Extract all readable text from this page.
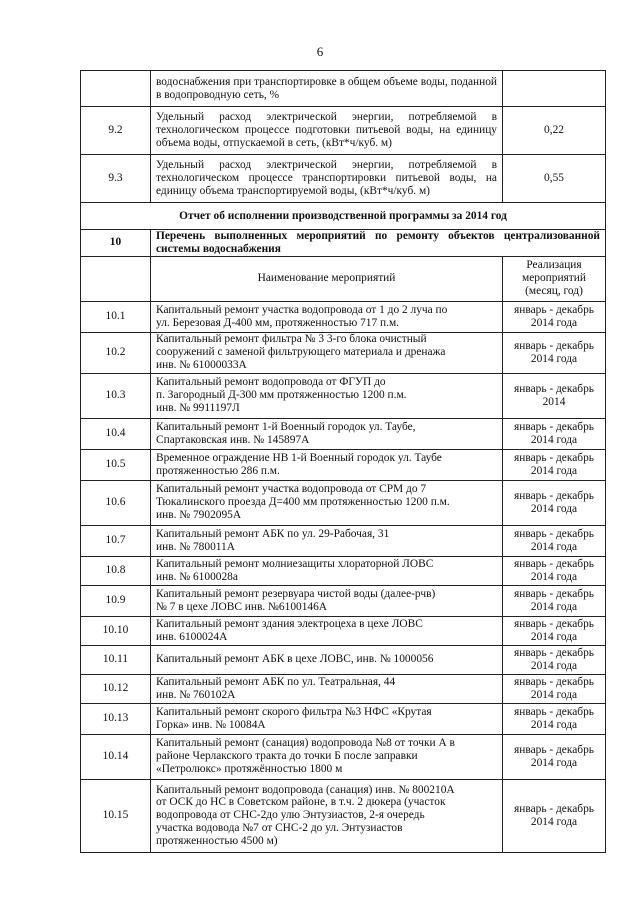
6
	водоснабжения при транспортировке в общем объеме воды, поданной в водопроводную сеть, %	
9.2	Удельный расход электрической энергии, потребляемой в технологическом процессе подготовки питьевой воды, на единицу объема воды, отпускаемой в сеть, (кВт*ч/куб. м)	0,22
9.3	Удельный расход электрической энергии, потребляемой в технологическом процессе транспортировки питьевой воды, на единицу объема транспортируемой воды, (кВт*ч/куб. м)	0,55
Отчет об исполнении производственной программы за 2014 год		
10	Перечень выполненных мероприятий по ремонту объектов централизованной системы водоснабжения	
	Наименование мероприятий	Реализация
мероприятий
(месяц, год)
10.1	Капитальный ремонт участка водопровода от 1 до 2 луча по
ул. Березовая Д-400 мм, протяженностью 717 п.м.	январь - декабрь
2014 года
10.2	Капитальный ремонт фильтра № 3 3-го блока очистный
сооружений с заменой фильтрующего материала и дренажа
инв. № 61000033А	январь - декабрь
2014 года
10.3	Капитальный ремонт водопровода от ФГУП до
п. Загородный Д-300 мм протяженностью 1200 п.м.
инв. № 9911197Л	январь - декабрь
2014
10.4	Капитальный ремонт 1-й Военный городок ул. Таубе,
Спартаковская инв. № 145897А	январь - декабрь
2014 года
10.5	Временное ограждение НВ 1-й Военный городок ул. Таубе
протяженностью 286 п.м.	январь - декабрь
2014 года
10.6	Капитальный ремонт участка водопровода от СРМ до 7
Тюкалинского проезда Д=400 мм протяженностью 1200 п.м.
инв. № 7902095А	январь - декабрь
2014 года
10.7	Капитальный ремонт АБК по ул. 29-Рабочая, 31
инв. № 780011А	январь - декабрь
2014 года
10.8	Капитальный ремонт молниезащиты хлораторной ЛОВС
инв. № 6100028а	январь - декабрь
2014 года
10.9	Капитальный ремонт резервуара чистой воды (далее-рчв)
№ 7 в цехе ЛОВС инв. №6100146А	январь - декабрь
2014 года
10.10	Капитальный ремонт здания электроцеха в цехе ЛОВС
инв. 6100024А	январь - декабрь
2014 года
10.11	Капитальный ремонт АБК в цехе ЛОВС, инв. № 1000056	январь - декабрь
2014 года
10.12	Капитальный ремонт АБК по ул. Театральная, 44
инв. № 760102А	январь - декабрь
2014 года
10.13	Капитальный ремонт скорого фильтра №3 НФС «Крутая
Горка» инв. № 10084А	январь - декабрь
2014 года
10.14	Капитальный ремонт (санация) водопровода №8 от точки А в
районе Черлакского тракта до точки Б после заправки
«Петролюкс» протяжённостью 1800 м	январь - декабрь
2014 года
10.15	Капитальный ремонт водопровода (санация) инв. № 800210А
от ОСК до НС в Советском районе, в т.ч. 2 дюкера (участок
водопровода от СНС-2до улю Энтузиастов, 2-я очередь
участка водовода №7 от СНС-2 до ул. Энтузиастов
протяженностью 4500 м)	январь - декабрь
2014 года
